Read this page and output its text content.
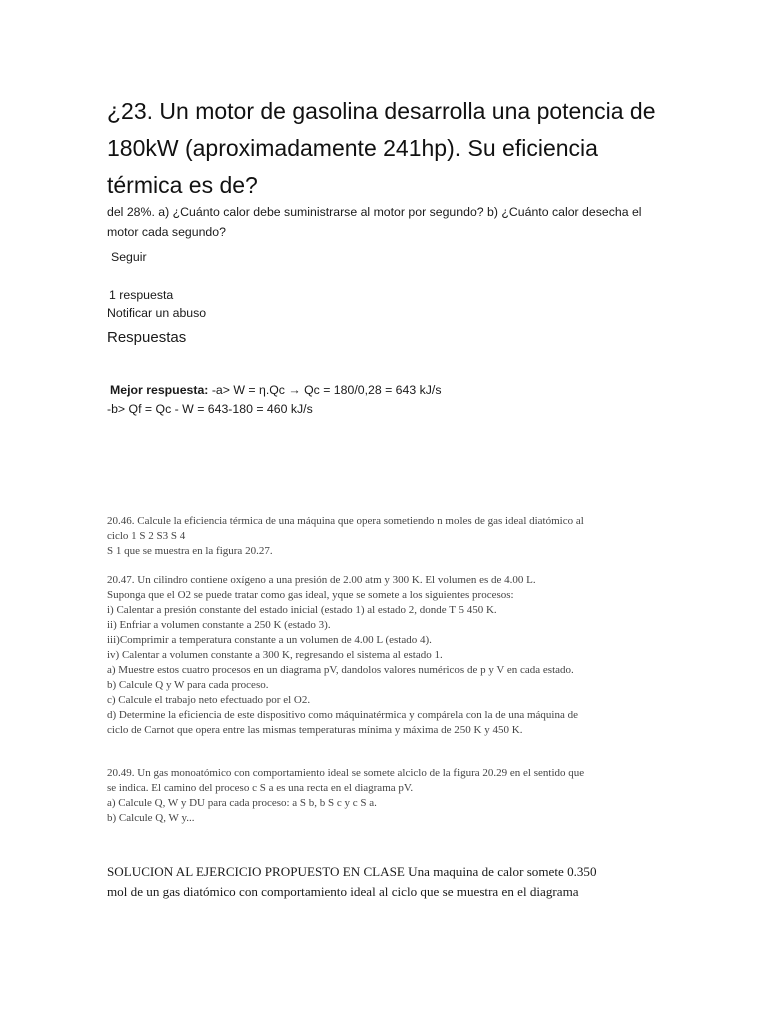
¿23. Un motor de gasolina desarrolla una potencia de 180kW (aproximadamente 241hp). Su eficiencia térmica es de?
del 28%. a) ¿Cuánto calor debe suministrarse al motor por segundo? b) ¿Cuánto calor desecha el motor cada segundo?
Seguir
1 respuesta
Notificar un abuso
Respuestas
Mejor respuesta: -a> W = η.Qc → Qc = 180/0,28 = 643 kJ/s
-b> Qf = Qc - W = 643-180 = 460 kJ/s
20.46. Calcule la eficiencia térmica de una máquina que opera sometiendo n moles de gas ideal diatómico al
ciclo 1 S 2 S3 S 4
S 1 que se muestra en la figura 20.27.
20.47. Un cilindro contiene oxígeno a una presión de 2.00 atm y 300 K. El volumen es de 4.00 L.
Suponga que el O2 se puede tratar como gas ideal, yque se somete a los siguientes procesos:
i) Calentar a presión constante del estado inicial (estado 1) al estado 2, donde T 5 450 K.
ii) Enfriar a volumen constante a 250 K (estado 3).
iii)Comprimir a temperatura constante a un volumen de 4.00 L (estado 4).
iv) Calentar a volumen constante a 300 K, regresando el sistema al estado 1.
a) Muestre estos cuatro procesos en un diagrama pV, dandolos valores numéricos de p y V en cada estado.
b) Calcule Q y W para cada proceso.
c) Calcule el trabajo neto efectuado por el O2.
d) Determine la eficiencia de este dispositivo como máquinatérmica y compárela con la de una máquina de
ciclo de Carnot que opera entre las mismas temperaturas mínima y máxima de 250 K y 450 K.
20.49. Un gas monoatómico con comportamiento ideal se somete alciclo de la figura 20.29 en el sentido que
se indica. El camino del proceso c S a es una recta en el diagrama pV.
a) Calcule Q, W y DU para cada proceso: a S b, b S c y c S a.
b) Calcule Q, W y...
SOLUCION AL EJERCICIO PROPUESTO EN CLASE Una maquina de calor somete 0.350
mol de un gas diatómico con comportamiento ideal al ciclo que se muestra en el diagrama
